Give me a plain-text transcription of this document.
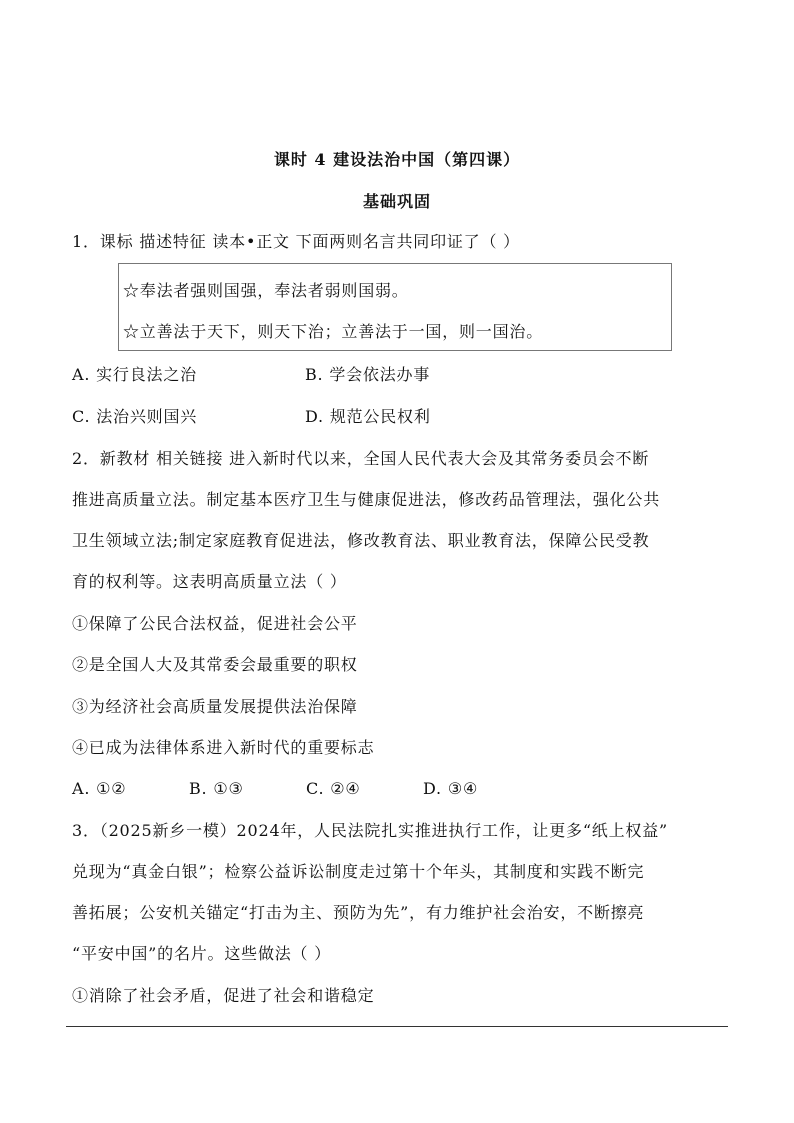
课时 4 建设法治中国（第四课）
基础巩固
1．课标 描述特征 读本•正文 下面两则名言共同印证了（ ）
☆奉法者强则国强，奉法者弱则国弱。
☆立善法于天下，则天下治；立善法于一国，则一国治。
A. 实行良法之治	B. 学会依法办事
C. 法治兴则国兴	D. 规范公民权利
2．新教材 相关链接 进入新时代以来，全国人民代表大会及其常务委员会不断
推进高质量立法。制定基本医疗卫生与健康促进法，修改药品管理法，强化公共
卫生领域立法;制定家庭教育促进法，修改教育法、职业教育法，保障公民受教
育的权利等。这表明高质量立法（ ）
①保障了公民合法权益，促进社会公平
②是全国人大及其常委会最重要的职权
③为经济社会高质量发展提供法治保障
④已成为法律体系进入新时代的重要标志
A. ①②	B. ①③	C. ②④	D. ③④
3．（2025新乡一模）2024年，人民法院扎实推进执行工作，让更多“纸上权益”
兑现为“真金白银”；检察公益诉讼制度走过第十个年头，其制度和实践不断完
善拓展；公安机关锚定“打击为主、预防为先”，有力维护社会治安，不断擦亮
“平安中国”的名片。这些做法（ ）
①消除了社会矛盾，促进了社会和谐稳定
